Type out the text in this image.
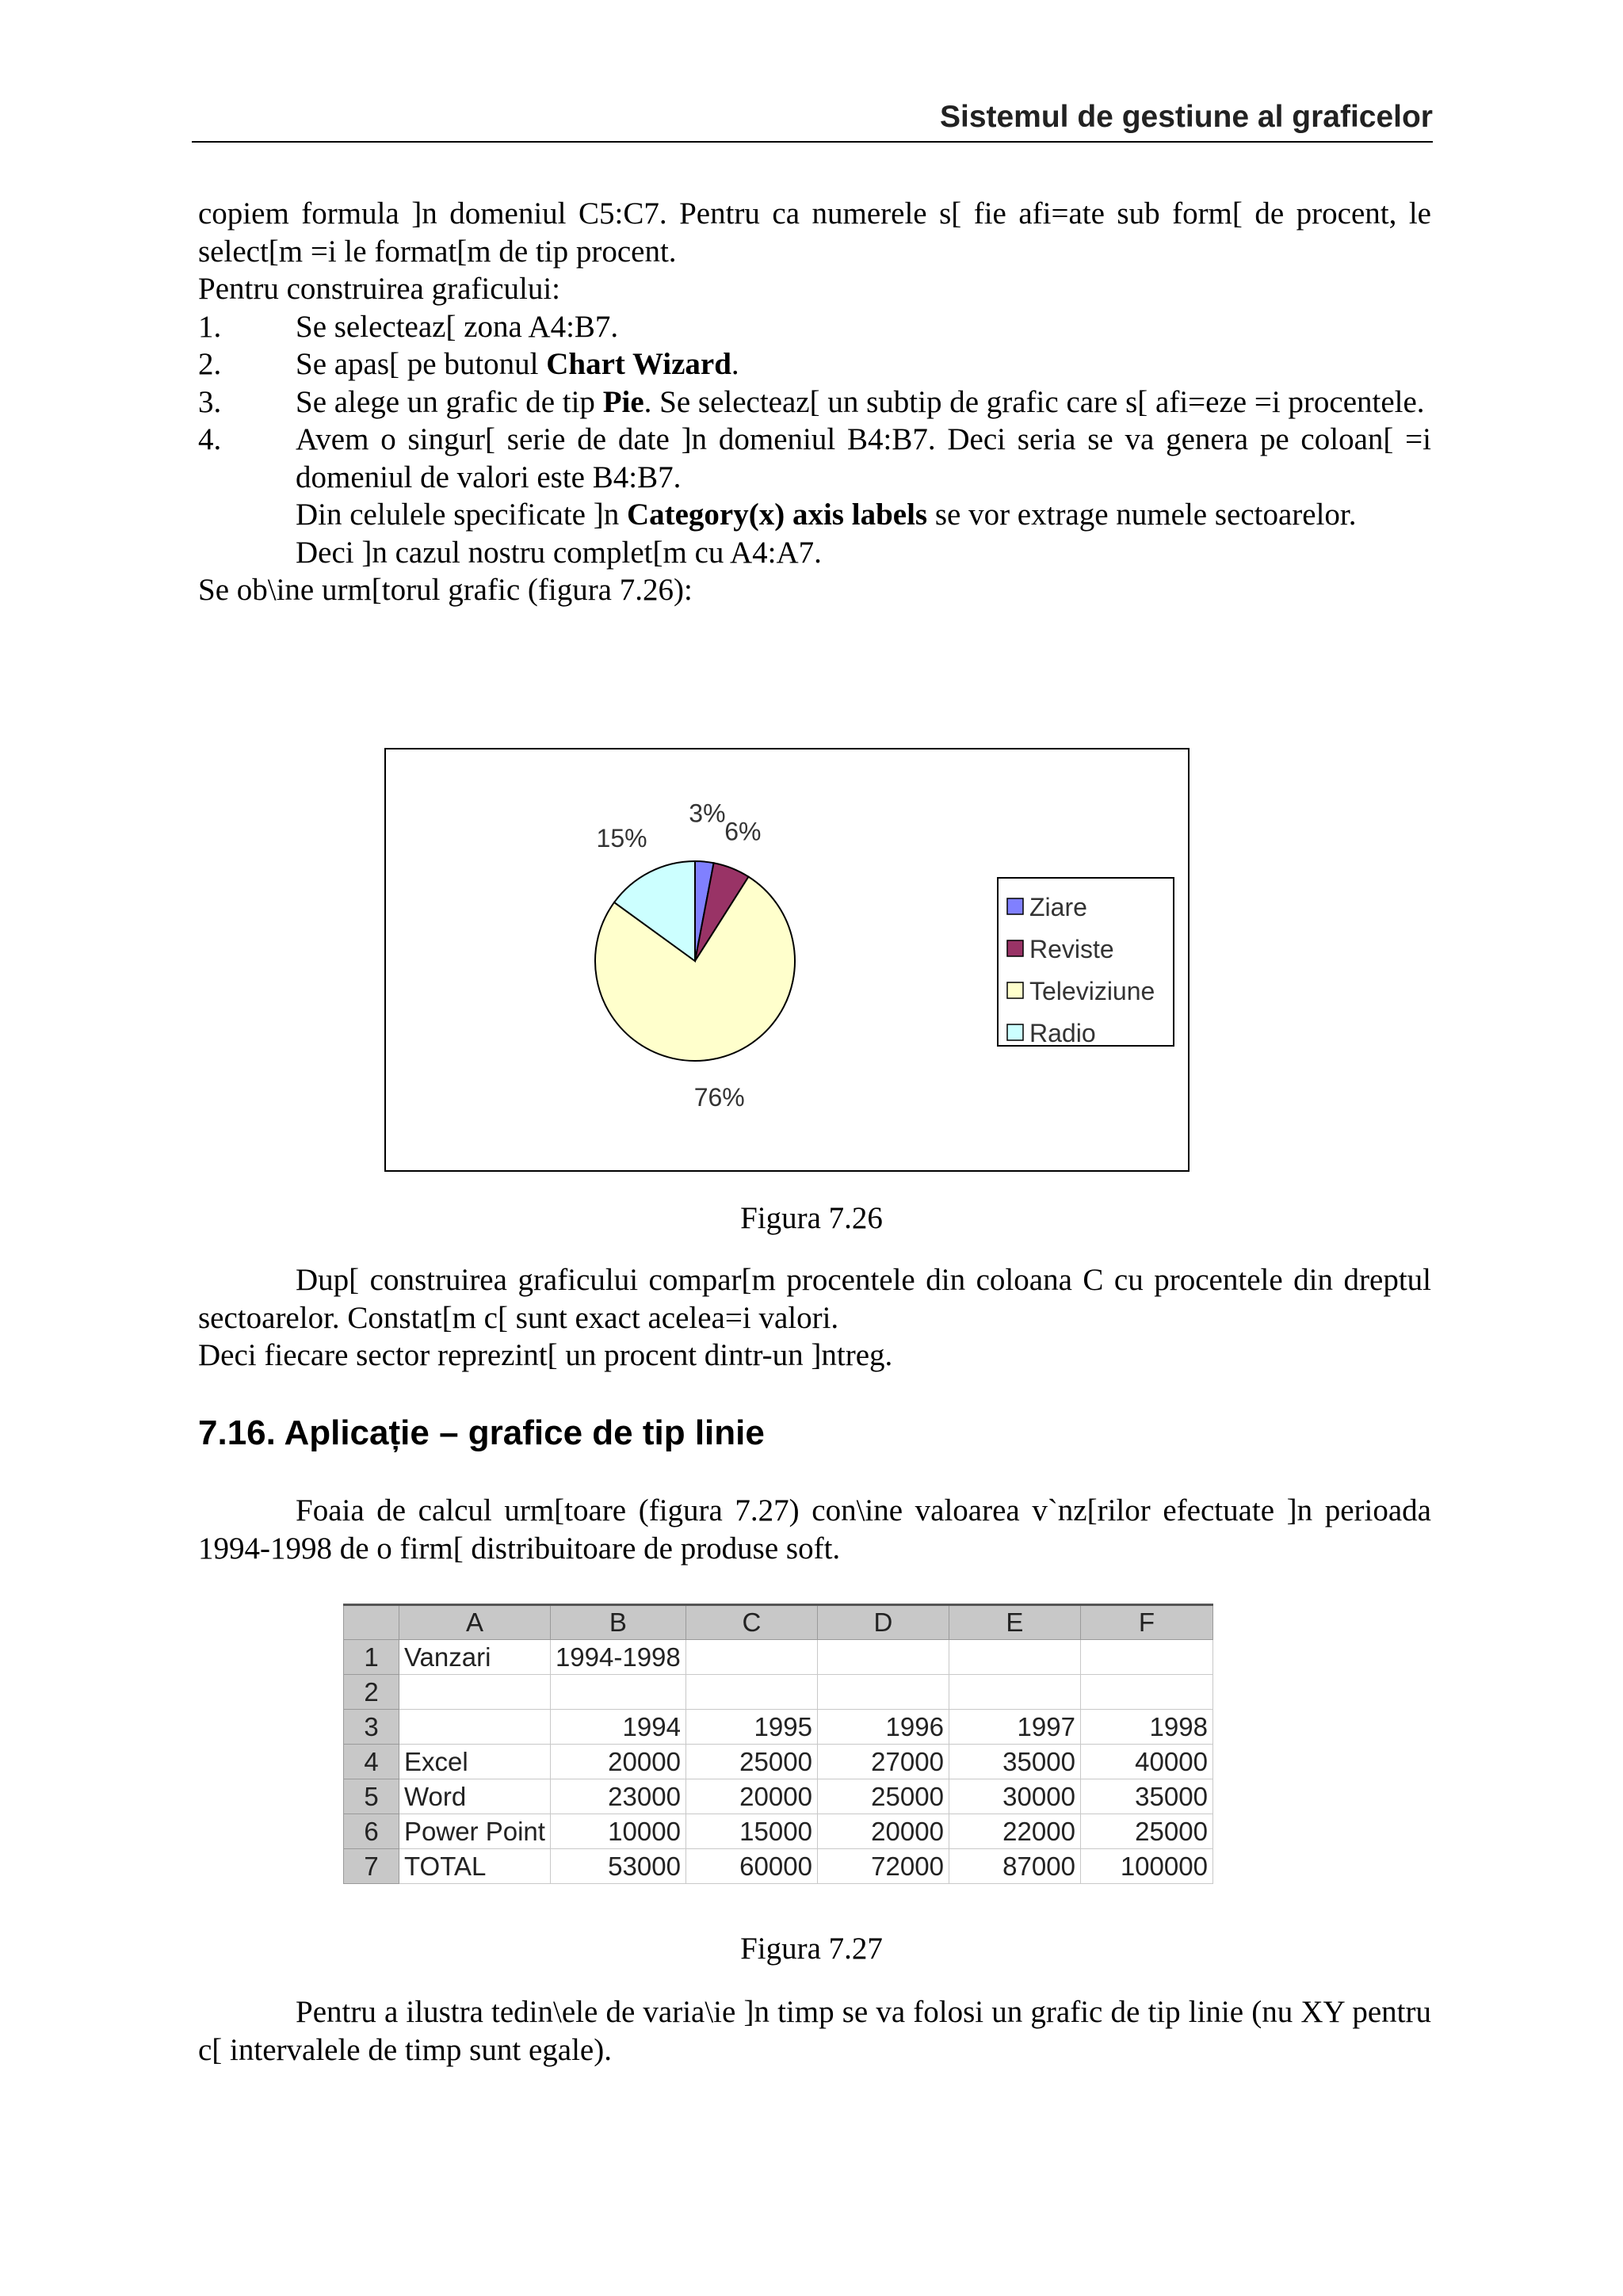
Sistemul de gestiune al graficelor

copiem formula ]n domeniul C5:C7. Pentru ca numerele s[ fie afi=ate sub form[ de procent, le select[m =i le format[m de tip procent.

Pentru construirea graficului:

1. Se selecteaz[ zona A4:B7.
2. Se apas[ pe butonul Chart Wizard.
3. Se alege un grafic de tip Pie. Se selecteaz[ un subtip de grafic care s[ afi=eze =i procentele.
4. Avem o singur[ serie de date ]n domeniul B4:B7. Deci seria se va genera pe coloan[ =i domeniul de valori este B4:B7.

Din celulele specificate ]n Category(x) axis labels se vor extrage numele sectoarelor.

Deci ]n cazul nostru complet[m cu A4:A7.

Se ob\ine urm[torul grafic (figura 7.26):

3%
6%
76%
15%
Ziare
Reviste
Televiziune
Radio
Figura 7.26

Dup[ construirea graficului compar[m procentele din coloana C cu procentele din dreptul sectoarelor. Constat[m c[ sunt exact acelea=i valori.

Deci fiecare sector reprezint[ un procent dintr-un ]ntreg.

7.16. Aplicație – grafice de tip linie

Foaia de calcul urm[toare (figura 7.27) con\ine valoarea v`nz[rilor efectuate ]n perioada 1994-1998 de o firm[ distribuitoare de produse soft.

	A	B	C	D	E	F
1	Vanzari	1994-1998				
2						
3		1994	1995	1996	1997	1998
4	Excel	20000	25000	27000	35000	40000
5	Word	23000	20000	25000	30000	35000
6	Power Point	10000	15000	20000	22000	25000
7	TOTAL	53000	60000	72000	87000	100000
Figura 7.27

Pentru a ilustra tedin\ele de varia\ie ]n timp se va folosi un grafic de tip linie (nu XY pentru c[ intervalele de timp sunt egale).
